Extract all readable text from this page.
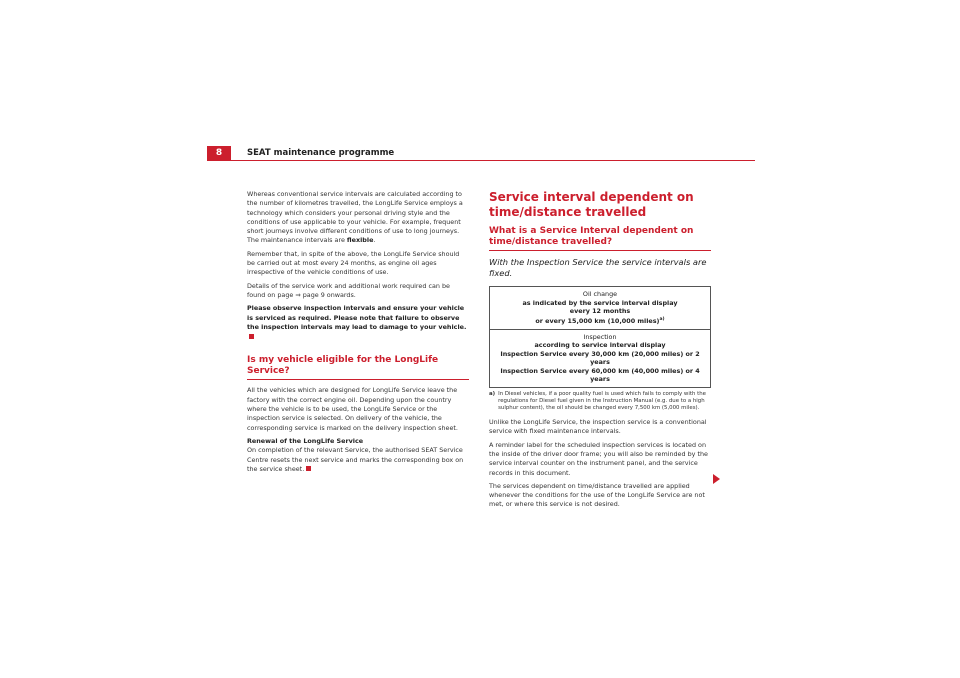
8	SEAT maintenance programme

Whereas conventional service intervals are calculated according to the number of kilometres travelled, the LongLife Service employs a technology which considers your personal driving style and the conditions of use applicable to your vehicle. For example, frequent short journeys involve different conditions of use to long journeys. The maintenance intervals are flexible.

Remember that, in spite of the above, the LongLife Service should be carried out at most every 24 months, as engine oil ages irrespective of the vehicle conditions of use.

Details of the service work and additional work required can be found on page ⇒ page 9 onwards.

Please observe inspection intervals and ensure your vehicle is serviced as required. Please note that failure to observe the inspection intervals may lead to damage to your vehicle.

Is my vehicle eligible for the LongLife Service?

All the vehicles which are designed for LongLife Service leave the factory with the correct engine oil. Depending upon the country where the vehicle is to be used, the LongLife Service or the inspection service is selected. On delivery of the vehicle, the corresponding service is marked on the delivery inspection sheet.

Renewal of the LongLife Service

On completion of the relevant Service, the authorised SEAT Service Centre resets the next service and marks the corresponding box on the service sheet.

Service interval dependent on time/distance travelled
What is a Service Interval dependent on time/distance travelled?
With the Inspection Service the service intervals are fixed.
Oil change
as indicated by the service interval display
every 12 months
or every 15,000 km (10,000 miles)$^{a)}$
Inspection
according to service interval display
Inspection Service every 30,000 km (20,000 miles) or 2 years
Inspection Service every 60,000 km (40,000 miles) or 4 years
a) In Diesel vehicles, if a poor quality fuel is used which fails to comply with the regulations for Diesel fuel given in the Instruction Manual (e.g. due to a high sulphur content), the oil should be changed every 7,500 km (5,000 miles).

Unlike the LongLife Service, the inspection service is a conventional service with fixed maintenance intervals.

A reminder label for the scheduled inspection services is located on the inside of the driver door frame; you will also be reminded by the service interval counter on the instrument panel, and the service records in this document.

The services dependent on time/distance travelled are applied whenever the conditions for the use of the LongLife Service are not met, or where this service is not desired.
